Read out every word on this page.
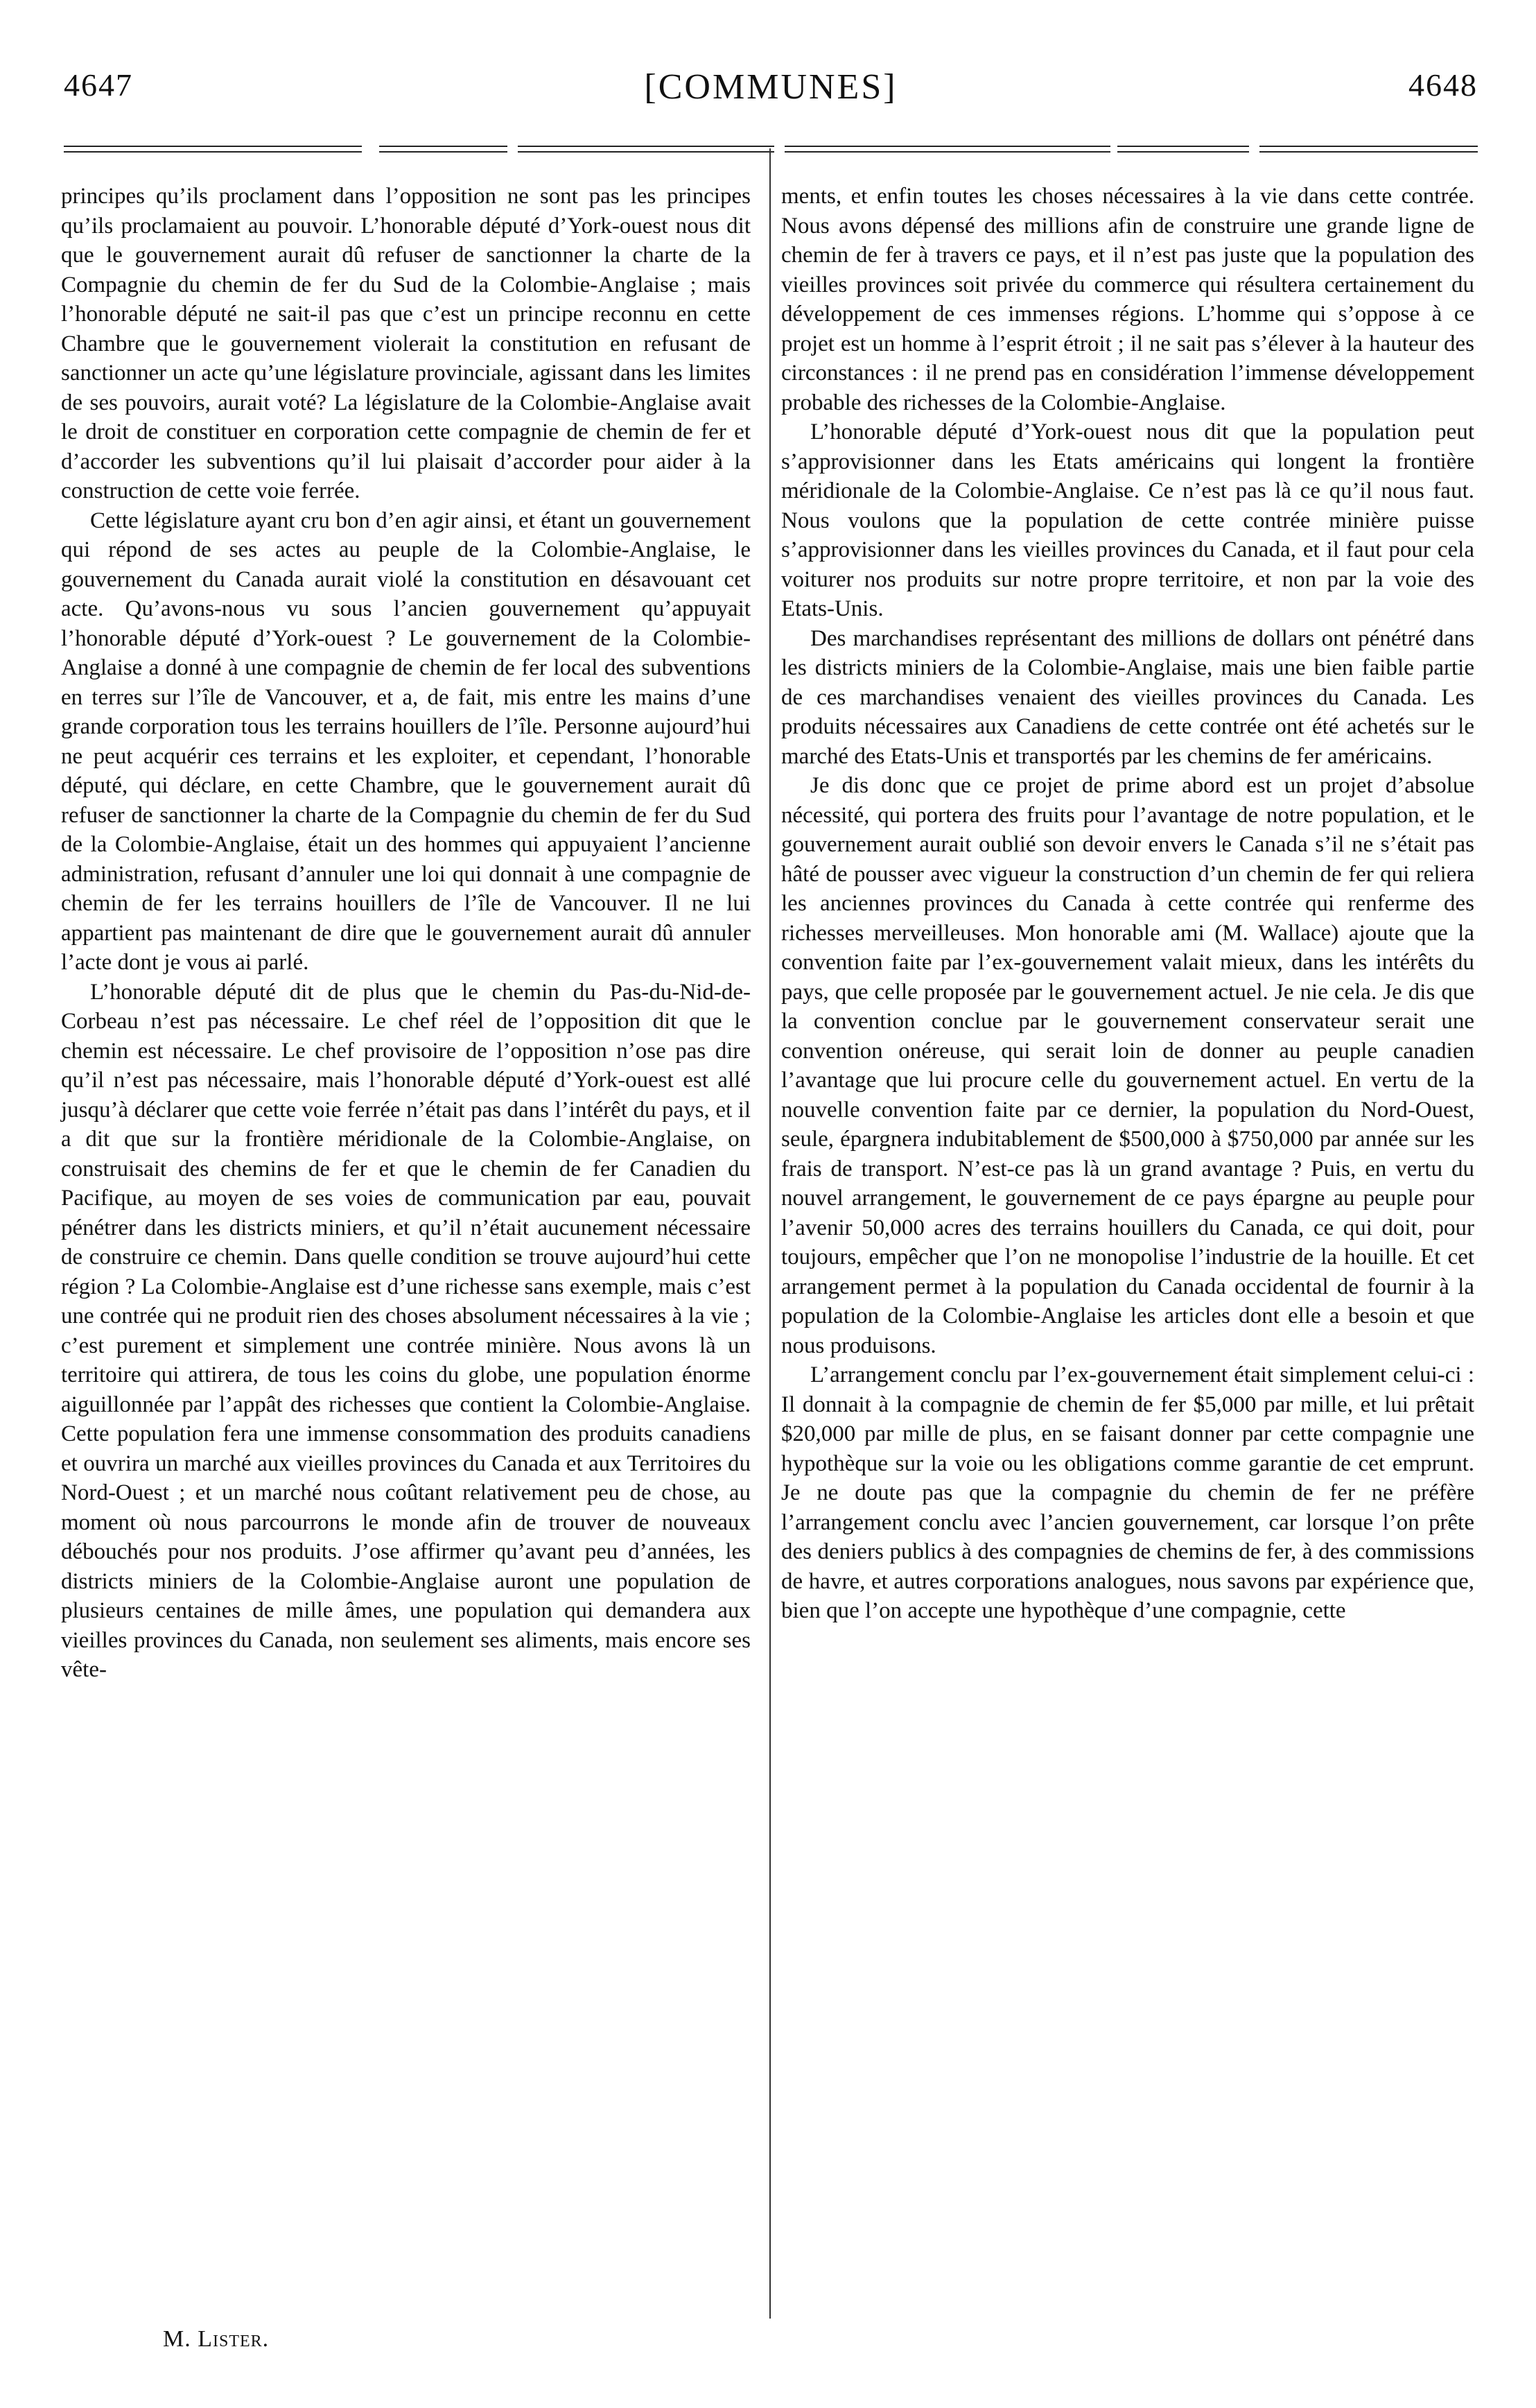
4647	[COMMUNES]	4648

principes qu’ils proclament dans l’opposition ne sont pas les principes qu’ils proclamaient au pouvoir. L’honorable député d’York-ouest nous dit que le gouvernement aurait dû refuser de sanctionner la charte de la Compagnie du chemin de fer du Sud de la Colombie-Anglaise ; mais l’honorable député ne sait-il pas que c’est un principe reconnu en cette Chambre que le gouvernement violerait la constitution en refusant de sanctionner un acte qu’une législature provinciale, agissant dans les limites de ses pouvoirs, aurait voté? La législature de la Colombie-Anglaise avait le droit de constituer en corporation cette compagnie de chemin de fer et d’accorder les subventions qu’il lui plaisait d’accorder pour aider à la construction de cette voie ferrée.

Cette législature ayant cru bon d’en agir ainsi, et étant un gouvernement qui répond de ses actes au peuple de la Colombie-Anglaise, le gouvernement du Canada aurait violé la constitution en désavouant cet acte. Qu’avons-nous vu sous l’ancien gouvernement qu’appuyait l’honorable député d’York-ouest ? Le gouvernement de la Colombie-Anglaise a donné à une compagnie de chemin de fer local des subventions en terres sur l’île de Vancouver, et a, de fait, mis entre les mains d’une grande corporation tous les terrains houillers de l’île. Personne aujourd’hui ne peut acquérir ces terrains et les exploiter, et cependant, l’honorable député, qui déclare, en cette Chambre, que le gouvernement aurait dû refuser de sanctionner la charte de la Compagnie du chemin de fer du Sud de la Colombie-Anglaise, était un des hommes qui appuyaient l’ancienne administration, refusant d’annuler une loi qui donnait à une compagnie de chemin de fer les terrains houillers de l’île de Vancouver. Il ne lui appartient pas maintenant de dire que le gouvernement aurait dû annuler l’acte dont je vous ai parlé.

L’honorable député dit de plus que le chemin du Pas-du-Nid-de-Corbeau n’est pas nécessaire. Le chef réel de l’opposition dit que le chemin est nécessaire. Le chef provisoire de l’opposition n’ose pas dire qu’il n’est pas nécessaire, mais l’honorable député d’York-ouest est allé jusqu’à déclarer que cette voie ferrée n’était pas dans l’intérêt du pays, et il a dit que sur la frontière méridionale de la Colombie-Anglaise, on construisait des chemins de fer et que le chemin de fer Canadien du Pacifique, au moyen de ses voies de communication par eau, pouvait pénétrer dans les districts miniers, et qu’il n’était aucunement nécessaire de construire ce chemin. Dans quelle condition se trouve aujourd’hui cette région ? La Colombie-Anglaise est d’une richesse sans exemple, mais c’est une contrée qui ne produit rien des choses absolument nécessaires à la vie ; c’est purement et simplement une contrée minière. Nous avons là un territoire qui attirera, de tous les coins du globe, une population énorme aiguillonnée par l’appât des richesses que contient la Colombie-Anglaise. Cette population fera une immense consommation des produits canadiens et ouvrira un marché aux vieilles provinces du Canada et aux Territoires du Nord-Ouest ; et un marché nous coûtant relativement peu de chose, au moment où nous parcourrons le monde afin de trouver de nouveaux débouchés pour nos produits. J’ose affirmer qu’avant peu d’années, les districts miniers de la Colombie-Anglaise auront une population de plusieurs centaines de mille âmes, une population qui demandera aux vieilles provinces du Canada, non seulement ses aliments, mais encore ses vête-

ments, et enfin toutes les choses nécessaires à la vie dans cette contrée. Nous avons dépensé des millions afin de construire une grande ligne de chemin de fer à travers ce pays, et il n’est pas juste que la population des vieilles provinces soit privée du commerce qui résultera certainement du développement de ces immenses régions. L’homme qui s’oppose à ce projet est un homme à l’esprit étroit ; il ne sait pas s’élever à la hauteur des circonstances : il ne prend pas en considération l’immense développement probable des richesses de la Colombie-Anglaise.

L’honorable député d’York-ouest nous dit que la population peut s’approvisionner dans les Etats américains qui longent la frontière méridionale de la Colombie-Anglaise. Ce n’est pas là ce qu’il nous faut. Nous voulons que la population de cette contrée minière puisse s’approvisionner dans les vieilles provinces du Canada, et il faut pour cela voiturer nos produits sur notre propre territoire, et non par la voie des Etats-Unis.

Des marchandises représentant des millions de dollars ont pénétré dans les districts miniers de la Colombie-Anglaise, mais une bien faible partie de ces marchandises venaient des vieilles provinces du Canada. Les produits nécessaires aux Canadiens de cette contrée ont été achetés sur le marché des Etats-Unis et transportés par les chemins de fer américains.

Je dis donc que ce projet de prime abord est un projet d’absolue nécessité, qui portera des fruits pour l’avantage de notre population, et le gouvernement aurait oublié son devoir envers le Canada s’il ne s’était pas hâté de pousser avec vigueur la construction d’un chemin de fer qui reliera les anciennes provinces du Canada à cette contrée qui renferme des richesses merveilleuses. Mon honorable ami (M. Wallace) ajoute que la convention faite par l’ex-gouvernement valait mieux, dans les intérêts du pays, que celle proposée par le gouvernement actuel. Je nie cela. Je dis que la convention conclue par le gouvernement conservateur serait une convention onéreuse, qui serait loin de donner au peuple canadien l’avantage que lui procure celle du gouvernement actuel. En vertu de la nouvelle convention faite par ce dernier, la population du Nord-Ouest, seule, épargnera indubitablement de $500,000 à $750,000 par année sur les frais de transport. N’est-ce pas là un grand avantage ? Puis, en vertu du nouvel arrangement, le gouvernement de ce pays épargne au peuple pour l’avenir 50,000 acres des terrains houillers du Canada, ce qui doit, pour toujours, empêcher que l’on ne monopolise l’industrie de la houille. Et cet arrangement permet à la population du Canada occidental de fournir à la population de la Colombie-Anglaise les articles dont elle a besoin et que nous produisons.

L’arrangement conclu par l’ex-gouvernement était simplement celui-ci : Il donnait à la compagnie de chemin de fer $5,000 par mille, et lui prêtait $20,000 par mille de plus, en se faisant donner par cette compagnie une hypothèque sur la voie ou les obligations comme garantie de cet emprunt. Je ne doute pas que la compagnie du chemin de fer ne préfère l’arrangement conclu avec l’ancien gouvernement, car lorsque l’on prête des deniers publics à des compagnies de chemins de fer, à des commissions de havre, et autres corporations analogues, nous savons par expérience que, bien que l’on accepte une hypothèque d’une compagnie, cette

M. Lister.
